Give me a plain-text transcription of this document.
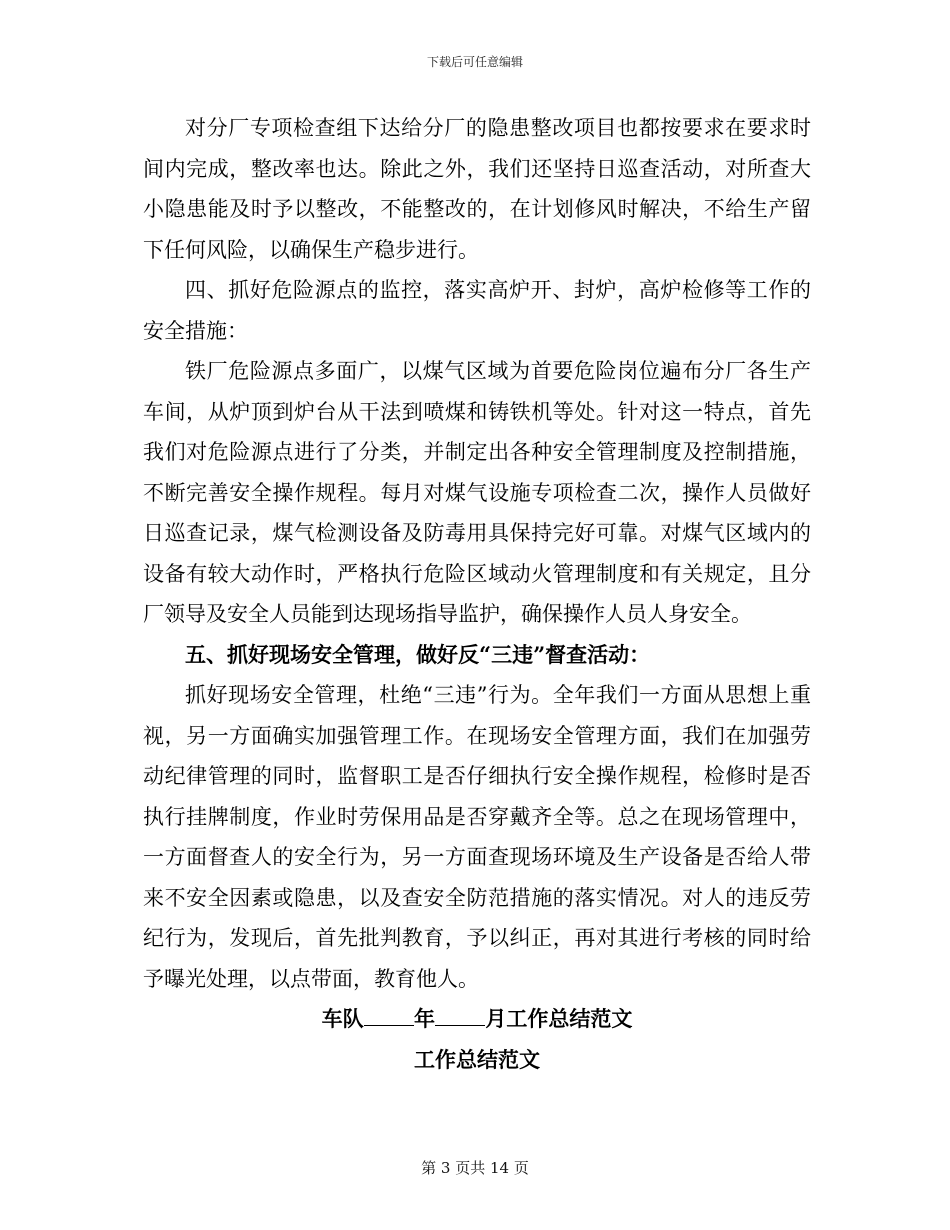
下载后可任意编辑

对分厂专项检查组下达给分厂的隐患整改项目也都按要求在要求时间内完成，整改率也达。除此之外，我们还坚持日巡查活动，对所查大小隐患能及时予以整改，不能整改的，在计划修风时解决，不给生产留下任何风险，以确保生产稳步进行。

四、抓好危险源点的监控，落实高炉开、封炉，高炉检修等工作的安全措施：

铁厂危险源点多面广，以煤气区域为首要危险岗位遍布分厂各生产车间，从炉顶到炉台从干法到喷煤和铸铁机等处。针对这一特点，首先我们对危险源点进行了分类，并制定出各种安全管理制度及控制措施，不断完善安全操作规程。每月对煤气设施专项检查二次，操作人员做好日巡查记录，煤气检测设备及防毒用具保持完好可靠。对煤气区域内的设备有较大动作时，严格执行危险区域动火管理制度和有关规定，且分厂领导及安全人员能到达现场指导监护，确保操作人员人身安全。

五、抓好现场安全管理，做好反“三违”督查活动：

抓好现场安全管理，杜绝“三违”行为。全年我们一方面从思想上重视，另一方面确实加强管理工作。在现场安全管理方面，我们在加强劳动纪律管理的同时，监督职工是否仔细执行安全操作规程，检修时是否执行挂牌制度，作业时劳保用品是否穿戴齐全等。总之在现场管理中，一方面督查人的安全行为，另一方面查现场环境及生产设备是否给人带来不安全因素或隐患，以及查安全防范措施的落实情况。对人的违反劳纪行为，发现后，首先批判教育，予以纠正，再对其进行考核的同时给予曝光处理，以点带面，教育他人。

车队 年 月工作总结范文
工作总结范文
第 3 页共 14 页
